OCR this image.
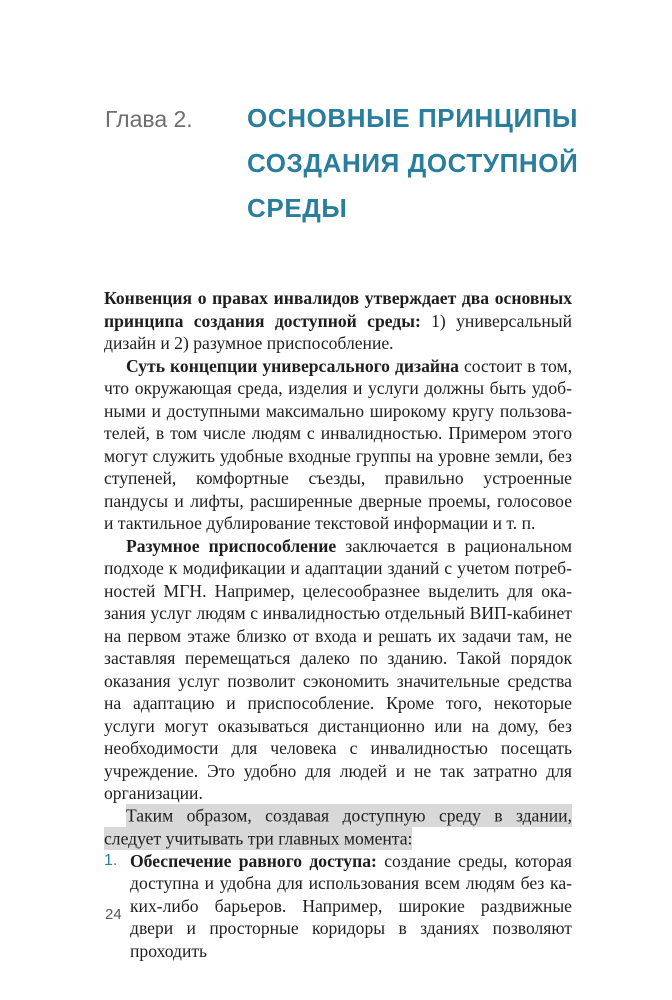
Глава 2.	ОСНОВНЫЕ ПРИНЦИПЫ
СОЗДАНИЯ ДОСТУПНОЙ
СРЕДЫ

Конвенция о правах инвалидов утверждает два основных принципа создания доступной среды: 1) универсальный дизайн и 2) разумное приспособление.

Суть концепции универсального дизайна состоит в том, что окружающая среда, изделия и услуги должны быть удобными и доступными максимально широкому кругу пользователей, в том числе людям с инвалидностью. Примером этого могут служить удобные входные группы на уровне земли, без ступеней, комфортные съезды, правильно устроенные пандусы и лифты, расширенные дверные проемы, голосовое и тактильное дублирование текстовой информации и т. п.

Разумное приспособление заключается в рациональном подходе к модификации и адаптации зданий с учетом потребностей МГН. Например, целесообразнее выделить для оказания услуг людям с инвалидностью отдельный ВИП-кабинет на первом этаже близко от входа и решать их задачи там, не заставляя перемещаться далеко по зданию. Такой порядок оказания услуг позволит сэкономить значительные средства на адаптацию и приспособление. Кроме того, некоторые услуги могут оказываться дистанционно или на дому, без необходимости для человека с инвалидностью посещать учреждение. Это удобно для людей и не так затратно для организации.

Таким образом, создавая доступную среду в здании, следует учитывать три главных момента:

1. Обеспечение равного доступа: создание среды, которая доступна и удобна для использования всем людям без каких-либо барьеров. Например, широкие раздвижные двери и просторные коридоры в зданиях позволяют проходить
24
